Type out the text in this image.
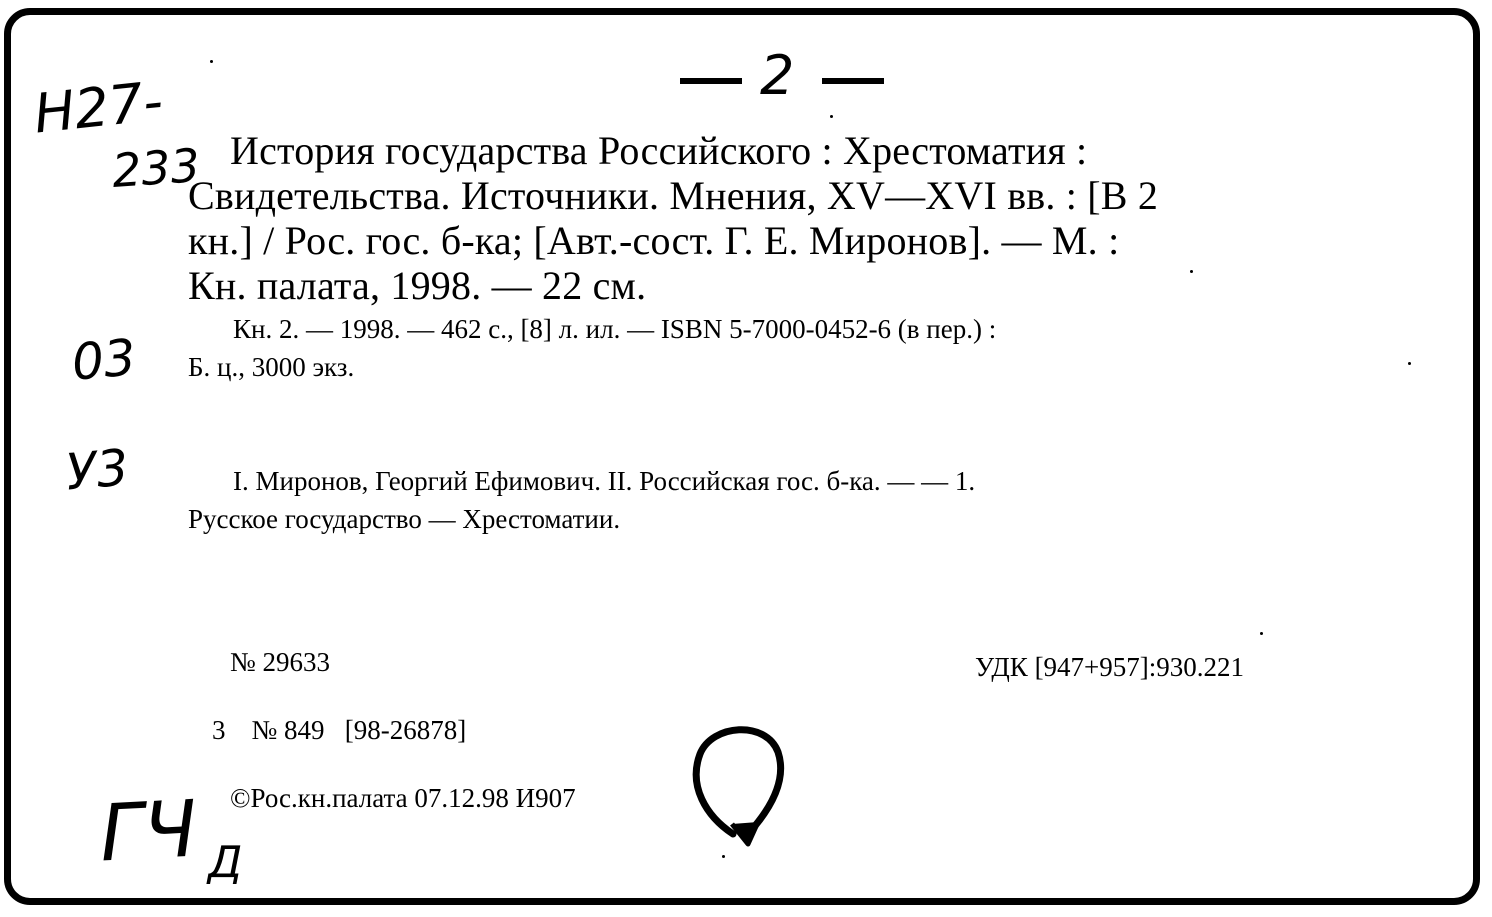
2
Н27-
233 История государства Российского : Хрестоматия :
Свидетельства. Источники. Мнения, XV—XVI вв. : [В 2
кн.] / Рос. гос. б-ка; [Авт.-сост. Г. Е. Миронов]. — М. :
Кн. палата, 1998. — 22 см.
Кн. 2. — 1998. — 462 с., [8] л. ил. — ISBN 5-7000-0452-6 (в пер.) :
Б. ц., 3000 экз.
03
У3	I. Миронов, Георгий Ефимович. II. Российская гос. б-ка. — — 1.
Русское государство — Хрестоматии.
№ 29633

3 № 849   [98-26878]

©Рос.кн.палата 07.12.98 И907
УДК [947+957]:930.221
ГЧ Д
